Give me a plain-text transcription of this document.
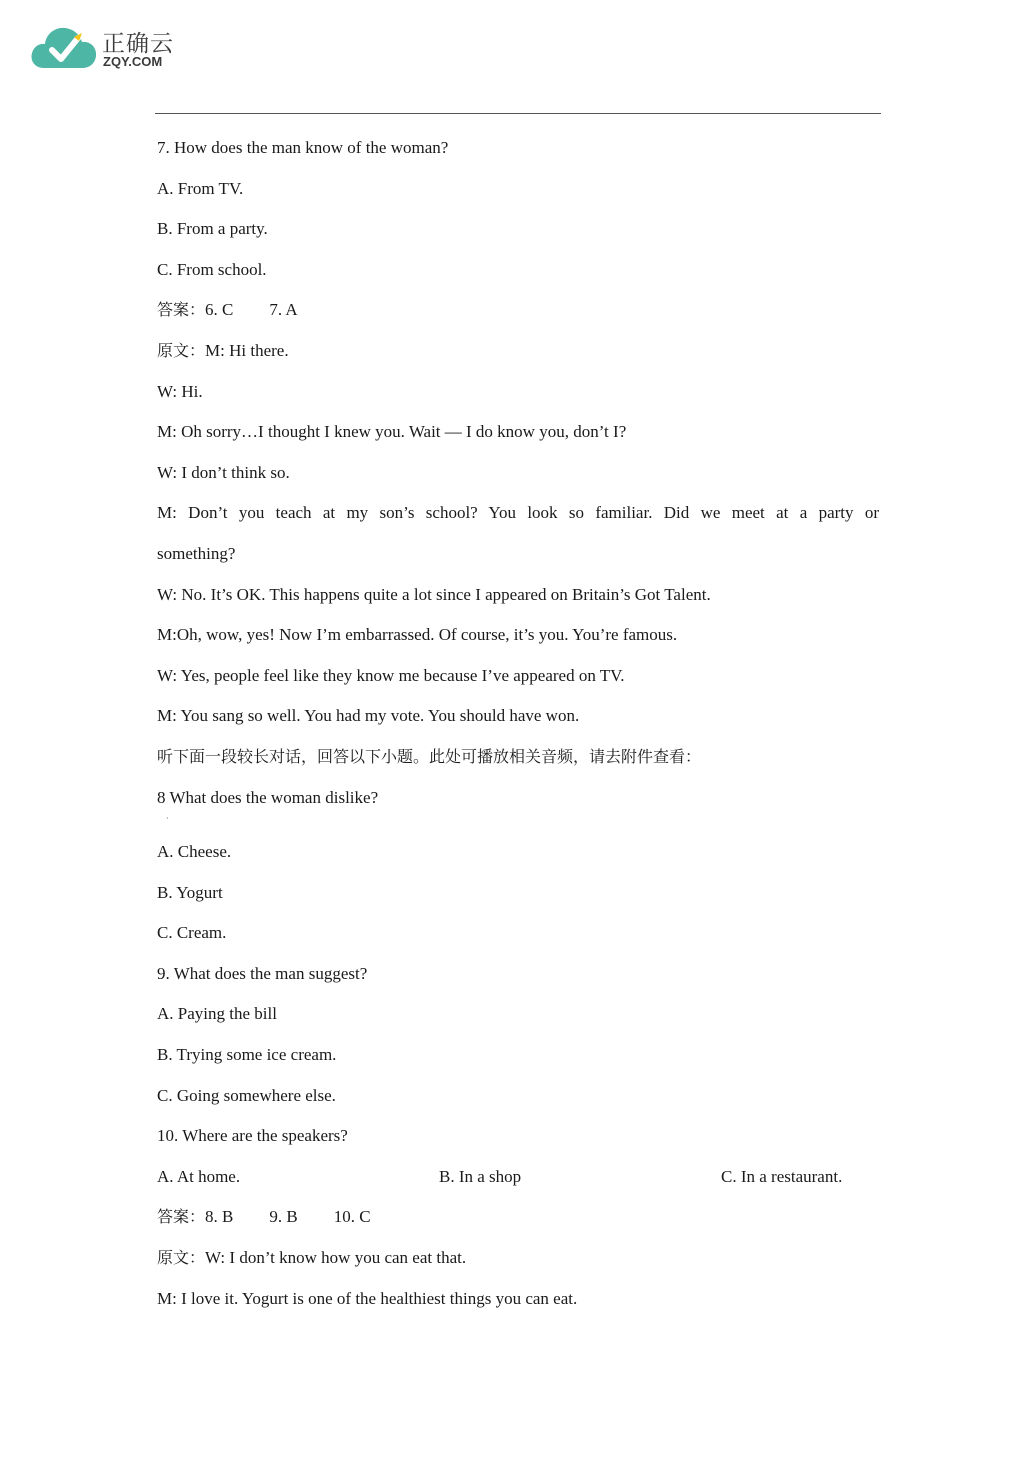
正确云
ZQY.COM
7. How does the man know of the woman?
A. From TV.
B. From a party.
C. From school.
答案：6. C 7. A
原文：M: Hi there.
W: Hi.
M: Oh sorry…I thought I knew you. Wait — I do know you, don’t I?
W: I don’t think so.
M: Don’t you teach at my son’s school? You look so familiar. Did we meet at a party or
something?
W: No. It’s OK. This happens quite a lot since I appeared on Britain’s Got Talent.
M:Oh, wow, yes! Now I’m embarrassed. Of course, it’s you. You’re famous.
W: Yes, people feel like they know me because I’ve appeared on TV.
M: You sang so well. You had my vote. You should have won.
听下面一段较长对话，回答以下小题。此处可播放相关音频，请去附件查看：
8 What does the woman dislike?
·
A. Cheese.
B. Yogurt
C. Cream.
9. What does the man suggest?
A. Paying the bill
B. Trying some ice cream.
C. Going somewhere else.
10. Where are the speakers?
A. At home.	B. In a shop	C. In a restaurant.
答案：8. B 9. B 10. C
原文：W: I don’t know how you can eat that.
M: I love it. Yogurt is one of the healthiest things you can eat.
